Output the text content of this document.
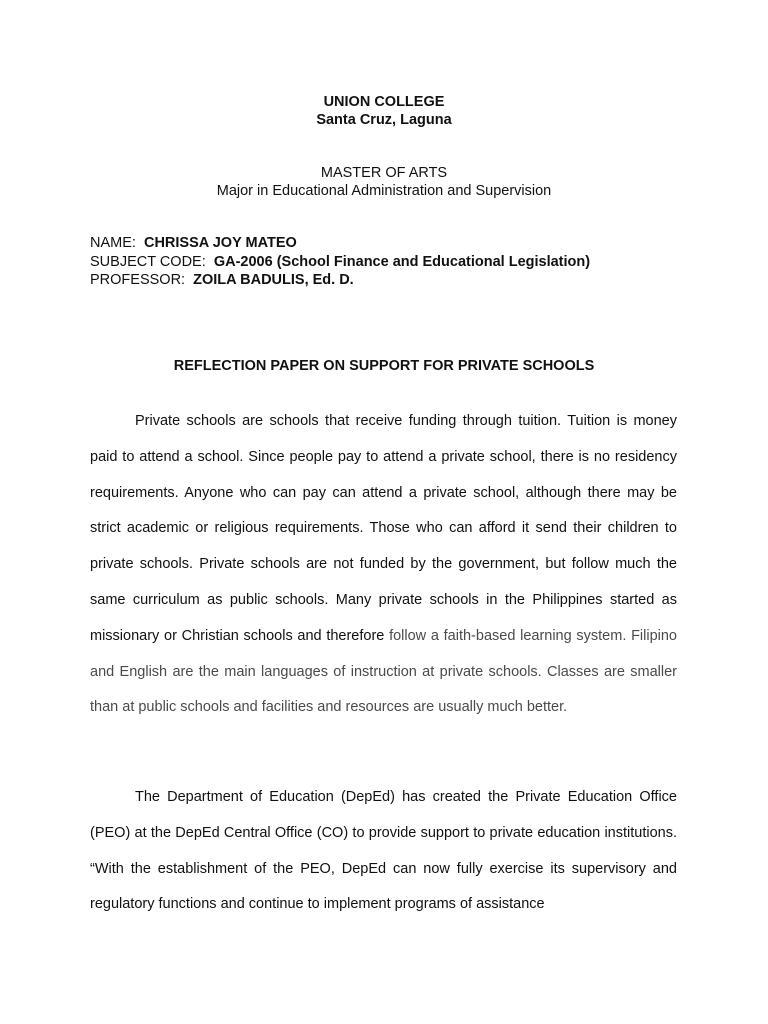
UNION COLLEGE
Santa Cruz, Laguna
MASTER OF ARTS
Major in Educational Administration and Supervision
NAME: CHRISSA JOY MATEO
SUBJECT CODE: GA-2006 (School Finance and Educational Legislation)
PROFESSOR: ZOILA BADULIS, Ed. D.
REFLECTION PAPER ON SUPPORT FOR PRIVATE SCHOOLS

Private schools are schools that receive funding through tuition. Tuition is money paid to attend a school. Since people pay to attend a private school, there is no residency requirements. Anyone who can pay can attend a private school, although there may be strict academic or religious requirements. Those who can afford it send their children to private schools. Private schools are not funded by the government, but follow much the same curriculum as public schools. Many private schools in the Philippines started as missionary or Christian schools and therefore follow a faith-based learning system. Filipino and English are the main languages of instruction at private schools. Classes are smaller than at public schools and facilities and resources are usually much better.

The Department of Education (DepEd) has created the Private Education Office (PEO) at the DepEd Central Office (CO) to provide support to private education institutions. “With the establishment of the PEO, DepEd can now fully exercise its supervisory and regulatory functions and continue to implement programs of assistance
